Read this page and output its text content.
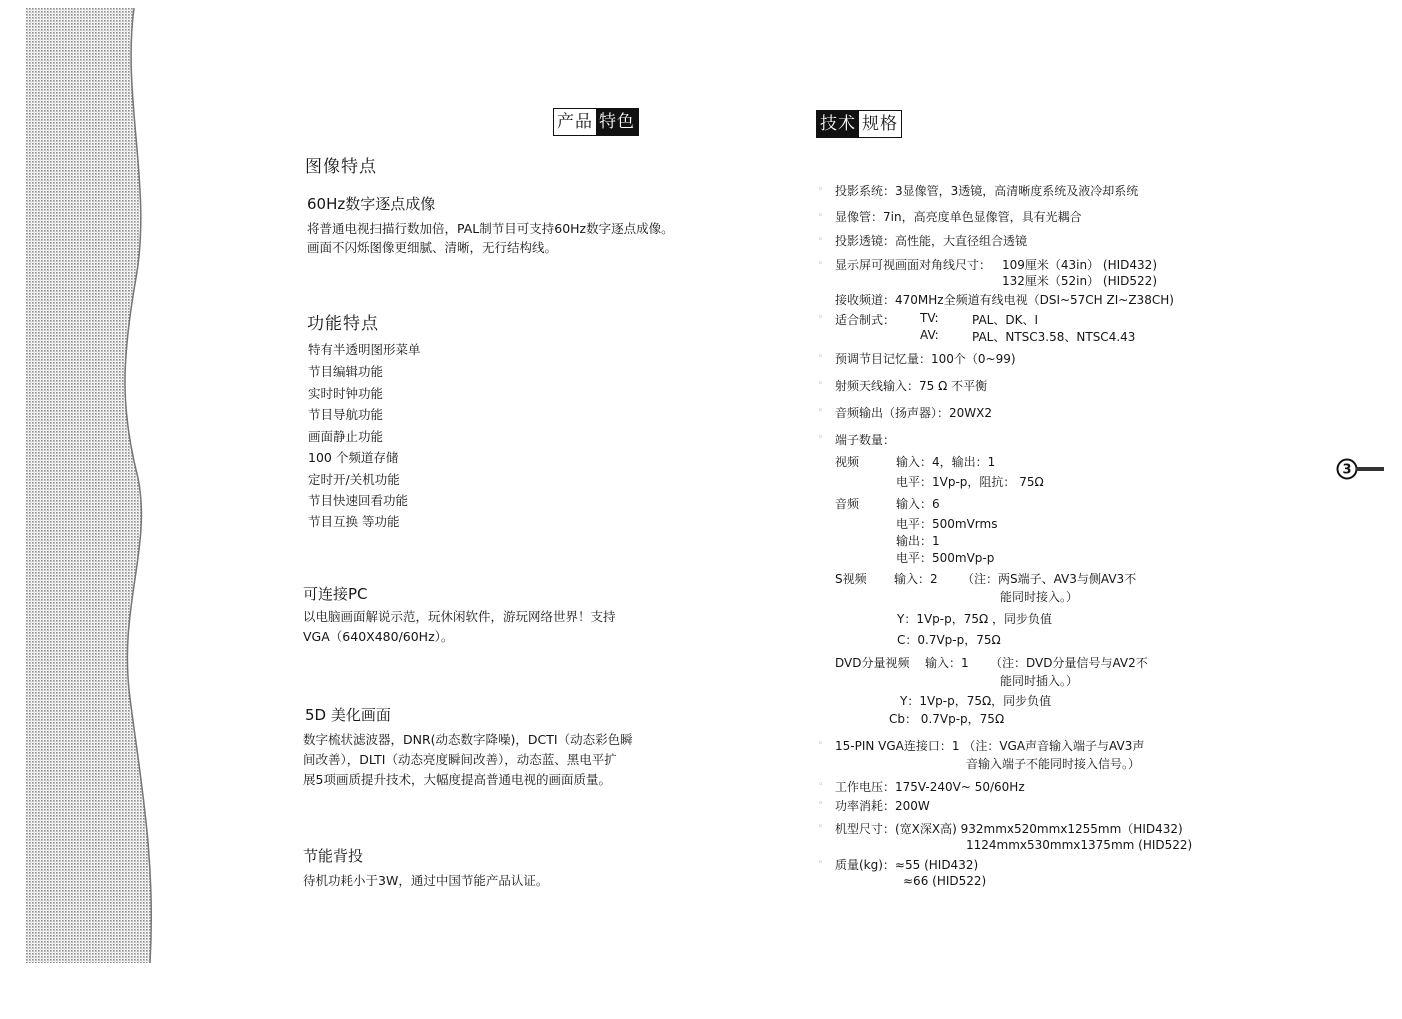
产品 特色
图像特点
60Hz数字逐点成像
将普通电视扫描行数加倍，PAL制节目可支持60Hz数字逐点成像。
画面不闪烁图像更细腻、清晰，无行结构线。
功能特点
特有半透明图形菜单
节目编辑功能
实时时钟功能
节目导航功能
画面静止功能
100 个频道存储
定时开/关机功能
节目快速回看功能
节目互换 等功能
可连接PC
以电脑画面解说示范，玩休闲软件，游玩网络世界！支持
VGA（640X480/60Hz）。
5D 美化画面
数字梳状滤波器，DNR(动态数字降噪)，DCTI（动态彩色瞬
间改善），DLTI（动态亮度瞬间改善），动态蓝、黑电平扩
展5项画质提升技术，大幅度提高普通电视的画面质量。
节能背投
待机功耗小于3W，通过中国节能产品认证。
技术 规格
◦
◦
◦
◦
◦
◦
◦
◦
◦
◦
◦
◦
◦
◦
投影系统：3显像管，3透镜，高清晰度系统及液冷却系统
显像管：7in，高亮度单色显像管，具有光耦合
投影透镜：高性能，大直径组合透镜
显示屏可视画面对角线尺寸： 109厘米（43in） (HID432)
132厘米（52in） (HID522)
接收频道：470MHz全频道有线电视（DSI~57CH ZI~Z38CH)
适合制式： TV:	PAL、DK、I
AV:	PAL、NTSC3.58、NTSC4.43
预调节目记忆量：100个（0~99)
射频天线输入：75 Ω 不平衡
音频输出（扬声器）：20WX2
端子数量：
视频	输入：4，输出：1
电平：1Vp-p，阻抗： 75Ω
音频	输入：6
电平：500mVrms
输出：1
电平：500mVp-p
S视频 输入：2 （注：两S端子、AV3与侧AV3不
能同时接入。）
Y：1Vp-p，75Ω ，同步负值
C：0.7Vp-p，75Ω
DVD分量视频 输入：1 （注：DVD分量信号与AV2不
能同时插入。）
Y：1Vp-p，75Ω，同步负值
Cb： 0.7Vp-p，75Ω
15-PIN VGA连接口：1 （注：VGA声音输入端子与AV3声
音输入端子不能同时接入信号。）
工作电压：175V-240V~ 50/60Hz
功率消耗：200W
机型尺寸：(宽X深X高) 932mmx520mmx1255mm（HID432)
1124mmx530mmx1375mm (HID522)
质量(kg)：≈55 (HID432)
≈66 (HID522)
3
